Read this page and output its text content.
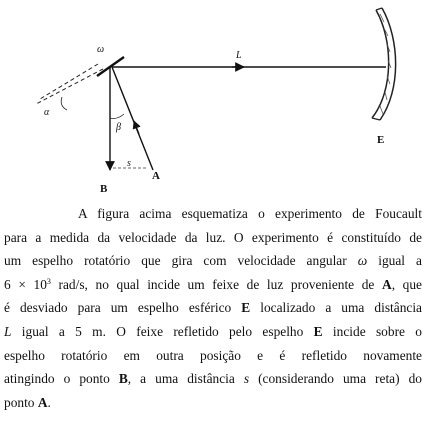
ω
L
α
β
s
A
B
E
A figura acima esquematiza o experimento de Foucault
para a medida da velocidade da luz. O experimento é constituído de
um espelho rotatório que gira com velocidade angular ω igual a
$6 \times 10^3$ rad/s, no qual incide um feixe de luz proveniente de A, que
é desviado para um espelho esférico E localizado a uma distância
L igual a 5 m. O feixe refletido pelo espelho E incide sobre o
espelho rotatório em outra posição e é refletido novamente
atingindo o ponto B, a uma distância s (considerando uma reta) do
ponto A.
